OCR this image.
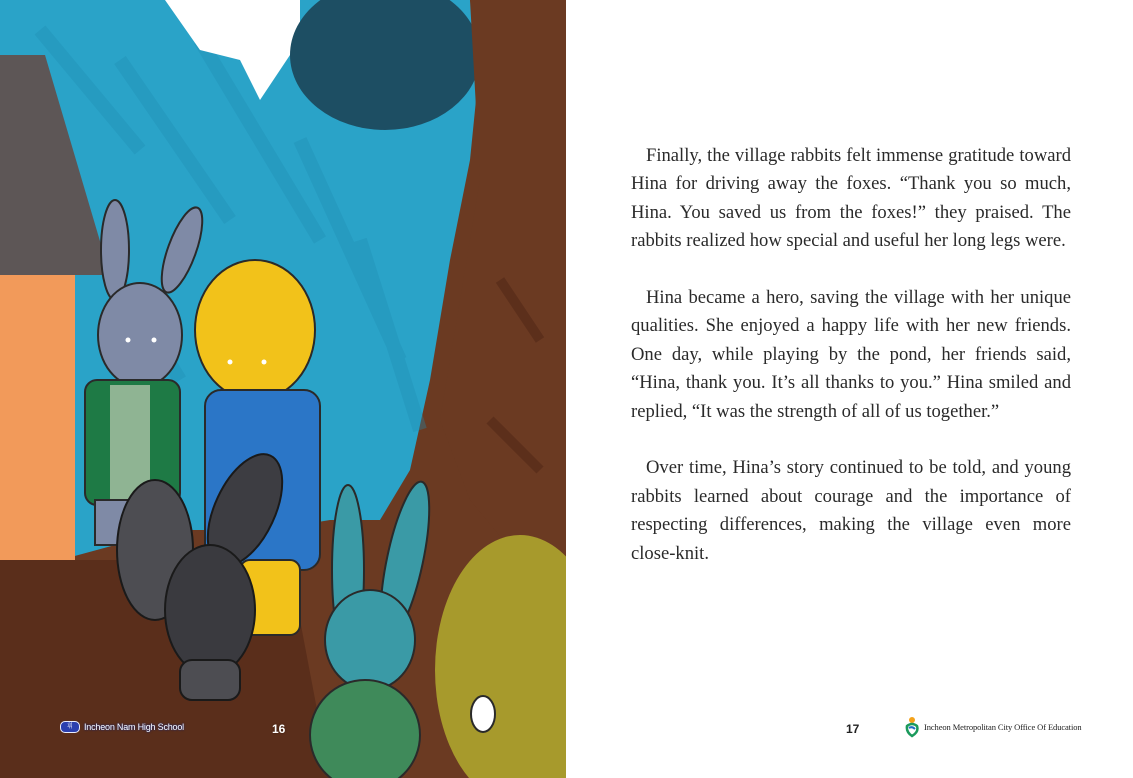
휘	Incheon Nam High School	16

Finally, the village rabbits felt immense gratitude toward Hina for driving away the foxes. “Thank you so much, Hina. You saved us from the foxes!” they praised. The rabbits realized how special and useful her long legs were.

Hina became a hero, saving the village with her unique qualities. She enjoyed a happy life with her new friends. One day, while playing by the pond, her friends said, “Hina, thank you. It’s all thanks to you.” Hina smiled and replied, “It was the strength of all of us together.”

Over time, Hina’s story continued to be told, and young rabbits learned about courage and the importance of respecting differences, making the village even more close-knit.

17	Incheon Metropolitan City Office Of Education
